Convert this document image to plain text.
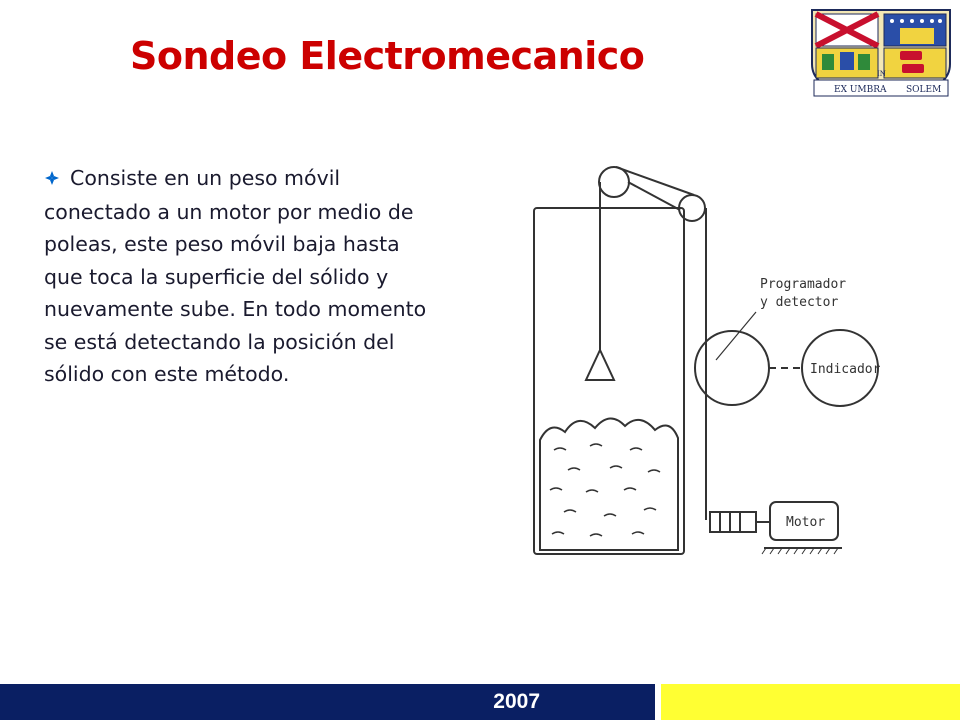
Sondeo Electromecanico
EX UMBRA
IN
SOLEM
Consiste en un peso móvil conectado a un motor por medio de poleas, este peso móvil baja hasta que toca la superficie del sólido y nuevamente sube. En todo momento se está detectando la posición del sólido con este método.
Programador
y detector
Indicador
Motor
2007
